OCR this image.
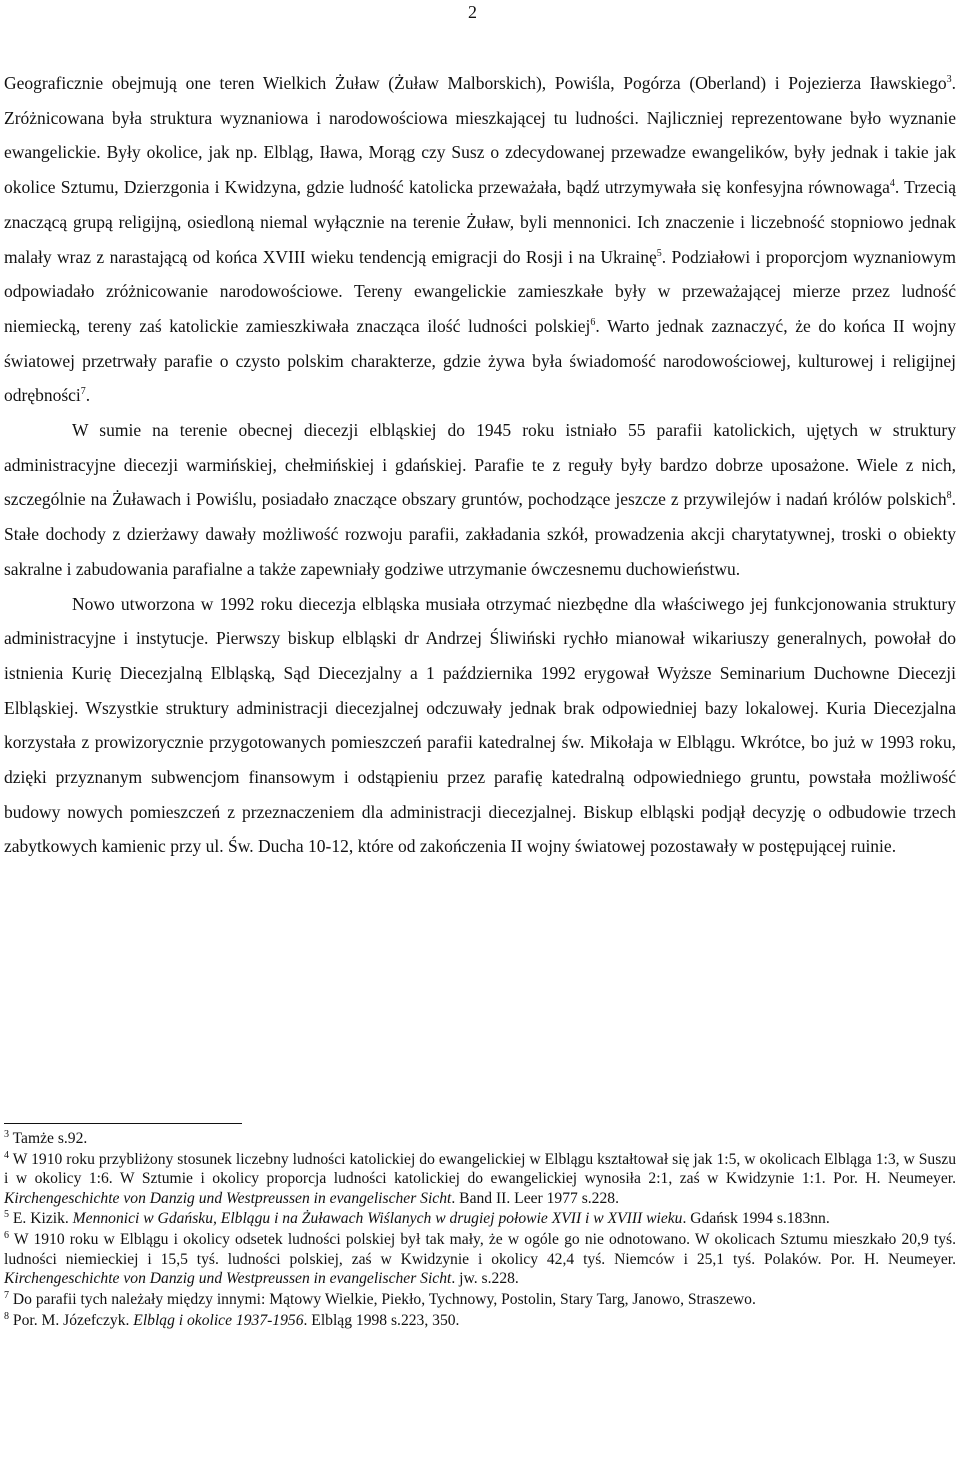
2

Geograficznie obejmują one teren Wielkich Żuław (Żuław Malborskich), Powiśla, Pogórza (Oberland) i Pojezierza Iławskiego$^3$. Zróżnicowana była struktura wyznaniowa i narodowościowa mieszkającej tu ludności. Najliczniej reprezentowane było wyznanie ewangelickie. Były okolice, jak np. Elbląg, Iława, Morąg czy Susz o zdecydowanej przewadze ewangelików, były jednak i takie jak okolice Sztumu, Dzierzgonia i Kwidzyna, gdzie ludność katolicka przeważała, bądź utrzymywała się konfesyjna równowaga$^4$. Trzecią znaczącą grupą religijną, osiedloną niemal wyłącznie na terenie Żuław, byli mennonici. Ich znaczenie i liczebność stopniowo jednak malały wraz z narastającą od końca XVIII wieku tendencją emigracji do Rosji i na Ukrainę$^5$. Podziałowi i proporcjom wyznaniowym odpowiadało zróżnicowanie narodowościowe. Tereny ewangelickie zamieszkałe były w przeważającej mierze przez ludność niemiecką, tereny zaś katolickie zamieszkiwała znacząca ilość ludności polskiej$^6$. Warto jednak zaznaczyć, że do końca II wojny światowej przetrwały parafie o czysto polskim charakterze, gdzie żywa była świadomość narodowościowej, kulturowej i religijnej odrębności$^7$.

W sumie na terenie obecnej diecezji elbląskiej do 1945 roku istniało 55 parafii katolickich, ujętych w struktury administracyjne diecezji warmińskiej, chełmińskiej i gdańskiej. Parafie te z reguły były bardzo dobrze uposażone. Wiele z nich, szczególnie na Żuławach i Powiślu, posiadało znaczące obszary gruntów, pochodzące jeszcze z przywilejów i nadań królów polskich$^8$. Stałe dochody z dzierżawy dawały możliwość rozwoju parafii, zakładania szkół, prowadzenia akcji charytatywnej, troski o obiekty sakralne i zabudowania parafialne a także zapewniały godziwe utrzymanie ówczesnemu duchowieństwu.

Nowo utworzona w 1992 roku diecezja elbląska musiała otrzymać niezbędne dla właściwego jej funkcjonowania struktury administracyjne i instytucje. Pierwszy biskup elbląski dr Andrzej Śliwiński rychło mianował wikariuszy generalnych, powołał do istnienia Kurię Diecezjalną Elbląską, Sąd Diecezjalny a 1 października 1992 erygował Wyższe Seminarium Duchowne Diecezji Elbląskiej. Wszystkie struktury administracji diecezjalnej odczuwały jednak brak odpowiedniej bazy lokalowej. Kuria Diecezjalna korzystała z prowizorycznie przygotowanych pomieszczeń parafii katedralnej św. Mikołaja w Elblągu. Wkrótce, bo już w 1993 roku, dzięki przyznanym subwencjom finansowym i odstąpieniu przez parafię katedralną odpowiedniego gruntu, powstała możliwość budowy nowych pomieszczeń z przeznaczeniem dla administracji diecezjalnej. Biskup elbląski podjął decyzję o odbudowie trzech zabytkowych kamienic przy ul. Św. Ducha 10-12, które od zakończenia II wojny światowej pozostawały w postępującej ruinie.

$^3$ Tamże s.92.

$^4$ W 1910 roku przybliżony stosunek liczebny ludności katolickiej do ewangelickiej w Elblągu kształtował się jak 1:5, w okolicach Elbląga 1:3, w Suszu i w okolicy 1:6. W Sztumie i okolicy proporcja ludności katolickiej do ewangelickiej wynosiła 2:1, zaś w Kwidzynie 1:1. Por. H. Neumeyer. Kirchengeschichte von Danzig und Westpreussen in evangelischer Sicht. Band II. Leer 1977 s.228.

$^5$ E. Kizik. Mennonici w Gdańsku, Elblągu i na Żuławach Wiślanych w drugiej połowie XVII i w XVIII wieku. Gdańsk 1994 s.183nn.

$^6$ W 1910 roku w Elblągu i okolicy odsetek ludności polskiej był tak mały, że w ogóle go nie odnotowano. W okolicach Sztumu mieszkało 20,9 tyś. ludności niemieckiej i 15,5 tyś. ludności polskiej, zaś w Kwidzynie i okolicy 42,4 tyś. Niemców i 25,1 tyś. Polaków. Por. H. Neumeyer. Kirchengeschichte von Danzig und Westpreussen in evangelischer Sicht. jw. s.228.

$^7$ Do parafii tych należały między innymi: Mątowy Wielkie, Piekło, Tychnowy, Postolin, Stary Targ, Janowo, Straszewo.

$^8$ Por. M. Józefczyk. Elbląg i okolice 1937-1956. Elbląg 1998 s.223, 350.
